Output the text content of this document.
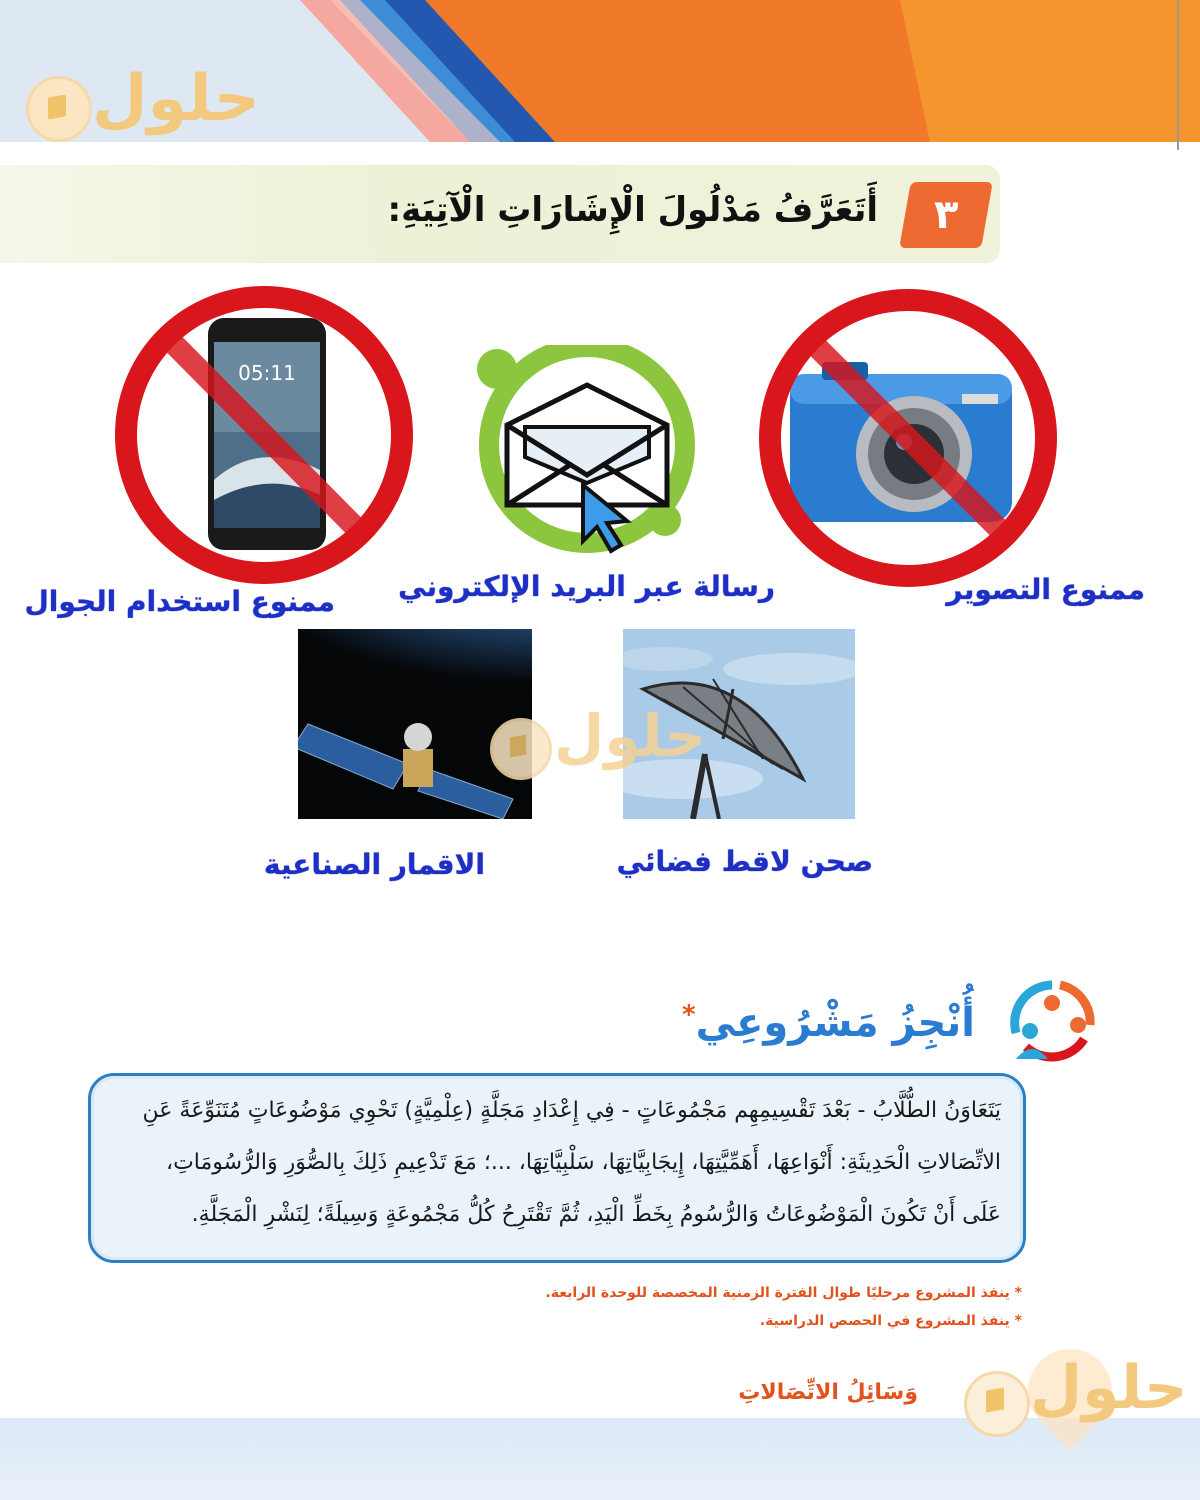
حلول
٣
أَتَعَرَّفُ مَدْلُولَ الْإِشَارَاتِ الْآتِيَةِ:
05:11
ممنوع استخدام الجوال رسالة عبر البريد الإلكتروني	ممنوع التصوير
حلول
الاقمار الصناعية	صحن لاقط فضائي
أُنْجِزُ مَشْرُوعِي*
يَتَعَاوَنُ الطُّلَّابُ - بَعْدَ تَقْسِيمِهِم مَجْمُوعَاتٍ - فِي إِعْدَادِ مَجَلَّةٍ (عِلْمِيَّةٍ) تَحْوِي مَوْضُوعَاتٍ مُتَنَوِّعَةً عَنِ
الاتِّصَالاتِ الْحَدِيثَةِ: أَنْوَاعِهَا، أَهَمِّيَّتِهَا، إِيجَابِيَّاتِهَا، سَلْبِيَّاتِهَا، ...؛ مَعَ تَدْعِيمِ ذَلِكَ بِالصُّوَرِ وَالرُّسُومَاتِ،
عَلَى أَنْ تَكُونَ الْمَوْضُوعَاتُ وَالرُّسُومُ بِخَطِّ الْيَدِ، ثُمَّ تَقْتَرِحُ كُلُّ مَجْمُوعَةٍ وَسِيلَةً؛ لِنَشْرِ الْمَجَلَّةِ.
* ينفذ المشروع مرحليًا طوال الفترة الزمنية المخصصة للوحدة الرابعة.
* ينفذ المشروع في الحصص الدراسية.
وَسَائِلُ الاتِّصَالاتِ حلول
